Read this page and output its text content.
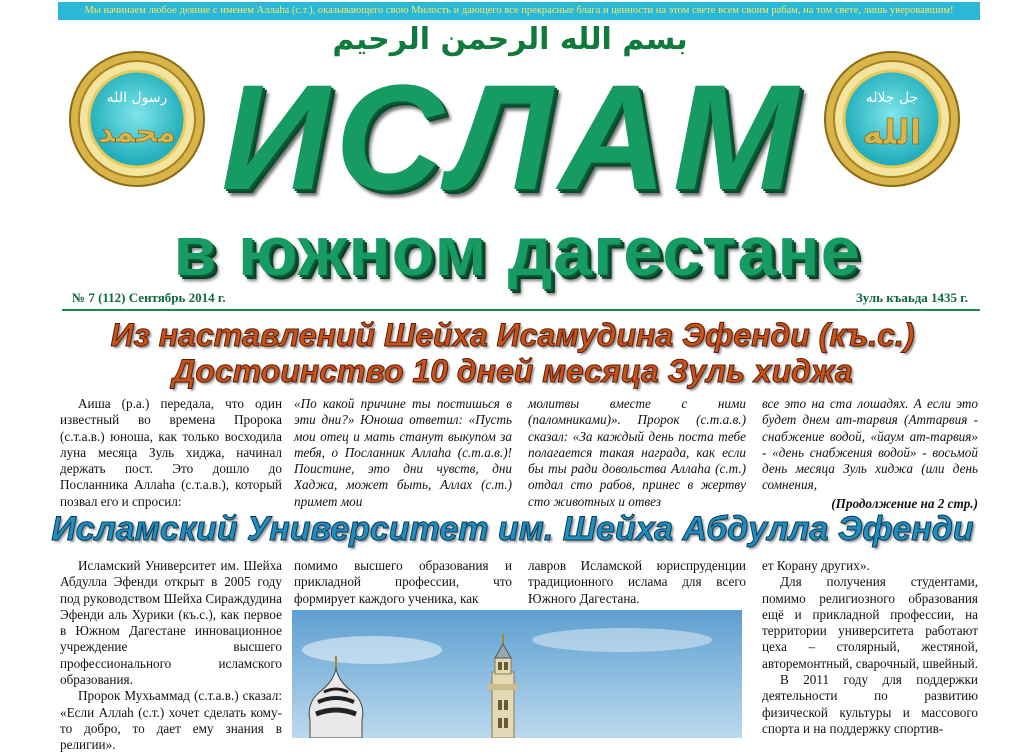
Мы начинаем любое деяние с именем Аллаhа (с.т.), оказывающего свою Милость и дающего все прекрасные блага и ценности на этом свете всем своим рабам, на том свете, лишь уверовавшим!
بسم الله الرحمن الرحيم
رسول الله
محمد
جل جلاله
الله
ИСЛАМ
в южном дагестане
№ 7 (112) Сентябрь 2014 г.	Зуль къаьда 1435 г.
Из наставлений Шейха Исамудина Эфенди (къ.с.)
Достоинство 10 дней месяца Зуль хиджа

Аиша (р.а.) передала, что один известный во времена Пророка (с.т.а.в.) юноша, как только восходила луна месяца Зуль хиджа, начинал держать пост. Это дошло до Посланника Аллаhа (с.т.а.в.), который позвал его и спросил:

«По какой причине ты постишься в эти дни?» Юноша ответил: «Пусть мои отец и мать станут выкупом за тебя, о Посланник Аллаhа (с.т.а.в.)! Поистине, это дни чувств, дни Хаджа, может быть, Аллах (с.т.) примет мои

молитвы вместе с ними (паломниками)». Пророк (с.т.а.в.) сказал: «За каждый день поста тебе полагается такая награда, как если бы ты ради довольства Аллаhа (с.т.) отдал сто рабов, принес в жертву сто животных и отвез

все это на ста лошадях. А если это будет днем ат-тарвия (Аттарвия - снабжение водой, «йаум ат-тарвия» - «день снабжения водой» - восьмой день месяца Зуль хиджа (или день сомнения,

(Продолжение на 2 стр.)

Исламский Университет им. Шейха Абдулла Эфенди

Исламский Университет им. Шейха Абдулла Эфенди открыт в 2005 году под руководством Шейха Сираждудина Эфенди аль Хурики (къ.с.), как первое в Южном Дагестане инновационное учреждение высшего профессионального исламского образования.

Пророк Мухьаммад (с.т.а.в.) сказал: «Если Аллаh (с.т.) хочет сделать кому-то добро, то дает ему знания в религии».

помимо высшего образования и прикладной профессии, что формирует каждого ученика, как

лавров Исламской юриспруденции традиционного ислама для всего Южного Дагестана.

ет Корану других».

Для получения студентами, помимо религиозного образования ещё и прикладной профессии, на территории университета работают цеха – столярный, жестяной, авторемонтный, сварочный, швейный.

В 2011 году для поддержки деятельности по развитию физической культуры и массового спорта и на поддержку спортив-
